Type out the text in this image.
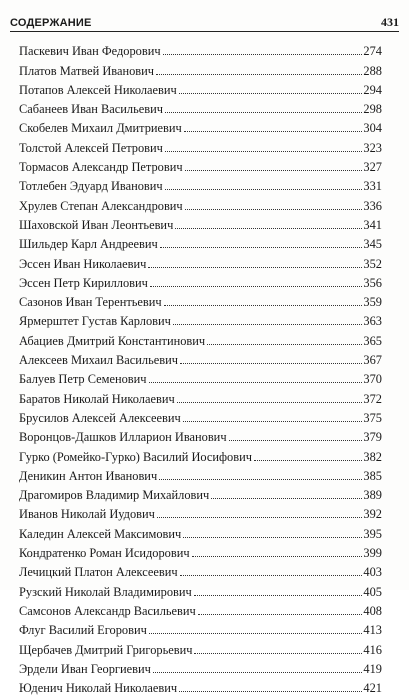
СОДЕРЖАНИЕ	431
Паскевич Иван Федорович	274
Платов Матвей Иванович	288
Потапов Алексей Николаевич	294
Сабанеев Иван Васильевич	298
Скобелев Михаил Дмитриевич	304
Толстой Алексей Петрович	323
Тормасов Александр Петрович	327
Тотлебен Эдуард Иванович	331
Хрулев Степан Александрович	336
Шаховской Иван Леонтьевич	341
Шильдер Карл Андреевич	345
Эссен Иван Николаевич	352
Эссен Петр Кириллович	356
Сазонов Иван Терентьевич	359
Ярмерштет Густав Карлович	363
Абациев Дмитрий Константинович	365
Алексеев Михаил Васильевич	367
Балуев Петр Семенович	370
Баратов Николай Николаевич	372
Брусилов Алексей Алексеевич	375
Воронцов-Дашков Илларион Иванович	379
Гурко (Ромейко-Гурко) Василий Иосифович	382
Деникин Антон Иванович	385
Драгомиров Владимир Михайлович	389
Иванов Николай Иудович	392
Каледин Алексей Максимович	395
Кондратенко Роман Исидорович	399
Лечицкий Платон Алексеевич	403
Рузский Николай Владимирович	405
Самсонов Александр Васильевич	408
Флуг Василий Егорович	413
Щербачев Дмитрий Григорьевич	416
Эрдели Иван Георгиевич	419
Юденич Николай Николаевич	421
